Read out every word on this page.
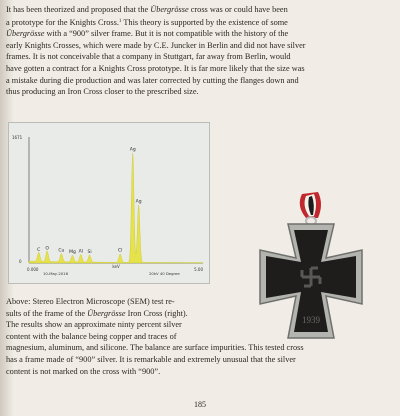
It has been theorized and proposed that the Übergrösse cross was or could have been
a prototype for the Knights Cross.$^1$ This theory is supported by the existence of some
Übergrösse with a “900” silver frame. But it is not compatible with the history of the
early Knights Crosses, which were made by C.E. Juncker in Berlin and did not have silver
frames. It is not conceivable that a company in Stuttgart, far away from Berlin, would
have gotten a contract for a Knights Cross prototype. It is far more likely that the size was
a mistake during die production and was later corrected by cutting the flanges down and
thus producing an Iron Cross closer to the prescribed size.

C O Cu Mg Al Si
Ag
Ag
Cl
1671
0
0.000
keV
5.00
10-May-2016	20kV 40 Degree
1939

Above: Stereo Electron Microscope (SEM) test re-
sults of the frame of the Übergrösse Iron Cross (right).
The results show an approximate ninty percent silver
content with the balance being copper and traces of
magnesium, aluminum, and silicone. The balance are surface impurities. This tested cross
has a frame made of “900” silver. It is remarkable and extremely unusual that the silver
content is not marked on the cross with “900”.

185
